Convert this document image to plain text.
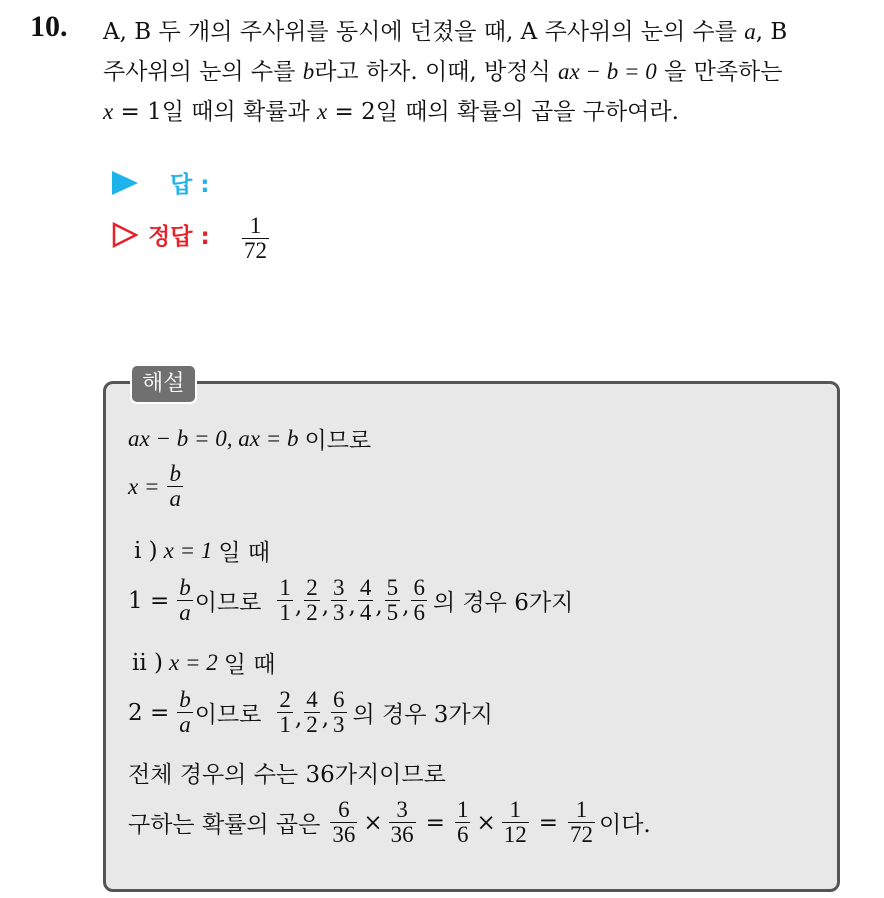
10. A, B 두 개의 주사위를 동시에 던졌을 때, A 주사위의 눈의 수를 a, B

주사위의 눈의 수를 b라고 하자. 이때, 방정식 ax − b = 0 을 만족하는

x = 1일 때의 확률과 x = 2일 때의 확률의 곱을 구하여라.

답 :
정답 : $\frac{1}{72}$
해설
ax − b = 0, ax = b 이므로
$x = \frac{b}{a}$
i ) x = 1 일 때
$1 = \frac{b}{a}$ 이므로 $\frac{1}{1}$ , $\frac{2}{2}$ , $\frac{3}{3}$ , $\frac{4}{4}$ , $\frac{5}{5}$ , $\frac{6}{6}$ 의 경우 6가지
ii ) x = 2 일 때
$2 = \frac{b}{a}$ 이므로 $\frac{2}{1}$ , $\frac{4}{2}$ , $\frac{6}{3}$ 의 경우 3가지
전체 경우의 수는 36가지이므로
구하는 확률의 곱은 $\frac{6}{36} \times \frac{3}{36} = \frac{1}{6} \times \frac{1}{12} = \frac{1}{72}$ 이다.
